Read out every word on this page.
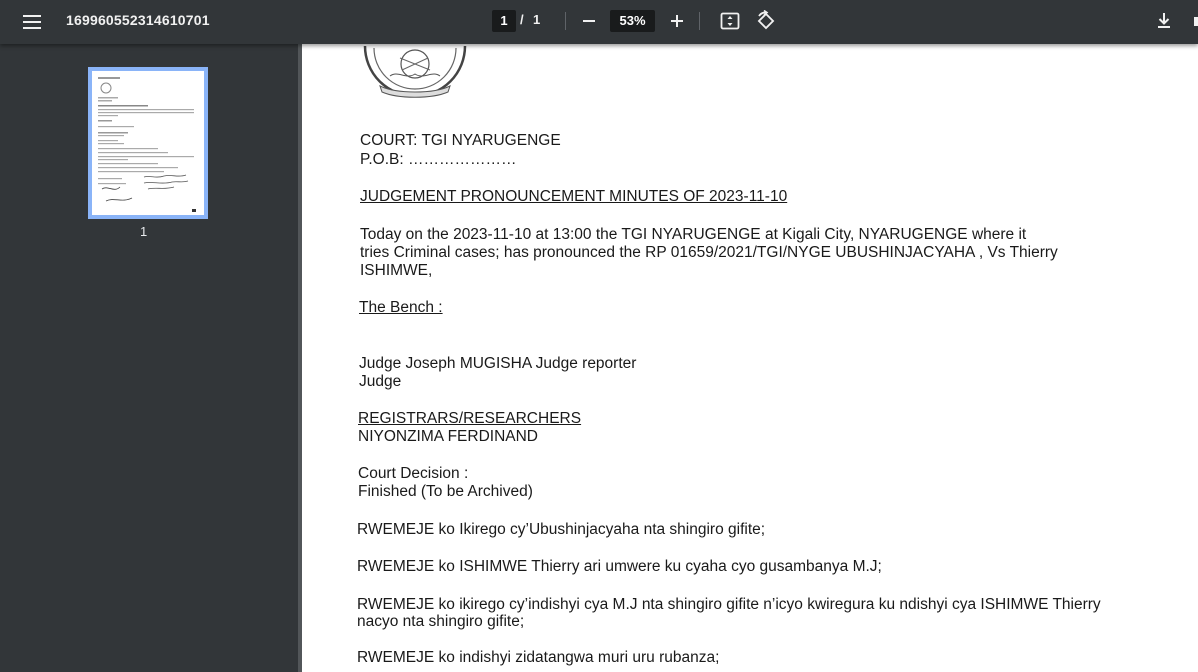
169960552314610701	1 / 1	53%
1
COURT: TGI NYARUGENGE
P.O.B: …………………
JUDGEMENT PRONOUNCEMENT MINUTES OF 2023-11-10
Today on the 2023-11-10 at 13:00 the TGI NYARUGENGE at Kigali City, NYARUGENGE where it
tries Criminal cases; has pronounced the RP 01659/2021/TGI/NYGE UBUSHINJACYAHA , Vs Thierry
ISHIMWE,
The Bench :
Judge Joseph MUGISHA Judge reporter
Judge
REGISTRARS/RESEARCHERS
NIYONZIMA FERDINAND
Court Decision :
Finished (To be Archived)
RWEMEJE ko Ikirego cy’Ubushinjacyaha nta shingiro gifite;
RWEMEJE ko ISHIMWE Thierry ari umwere ku cyaha cyo gusambanya M.J;
RWEMEJE ko ikirego cy’indishyi cya M.J nta shingiro gifite n’icyo kwiregura ku ndishyi cya ISHIMWE Thierry
nacyo nta shingiro gifite;
RWEMEJE ko indishyi zidatangwa muri uru rubanza;
